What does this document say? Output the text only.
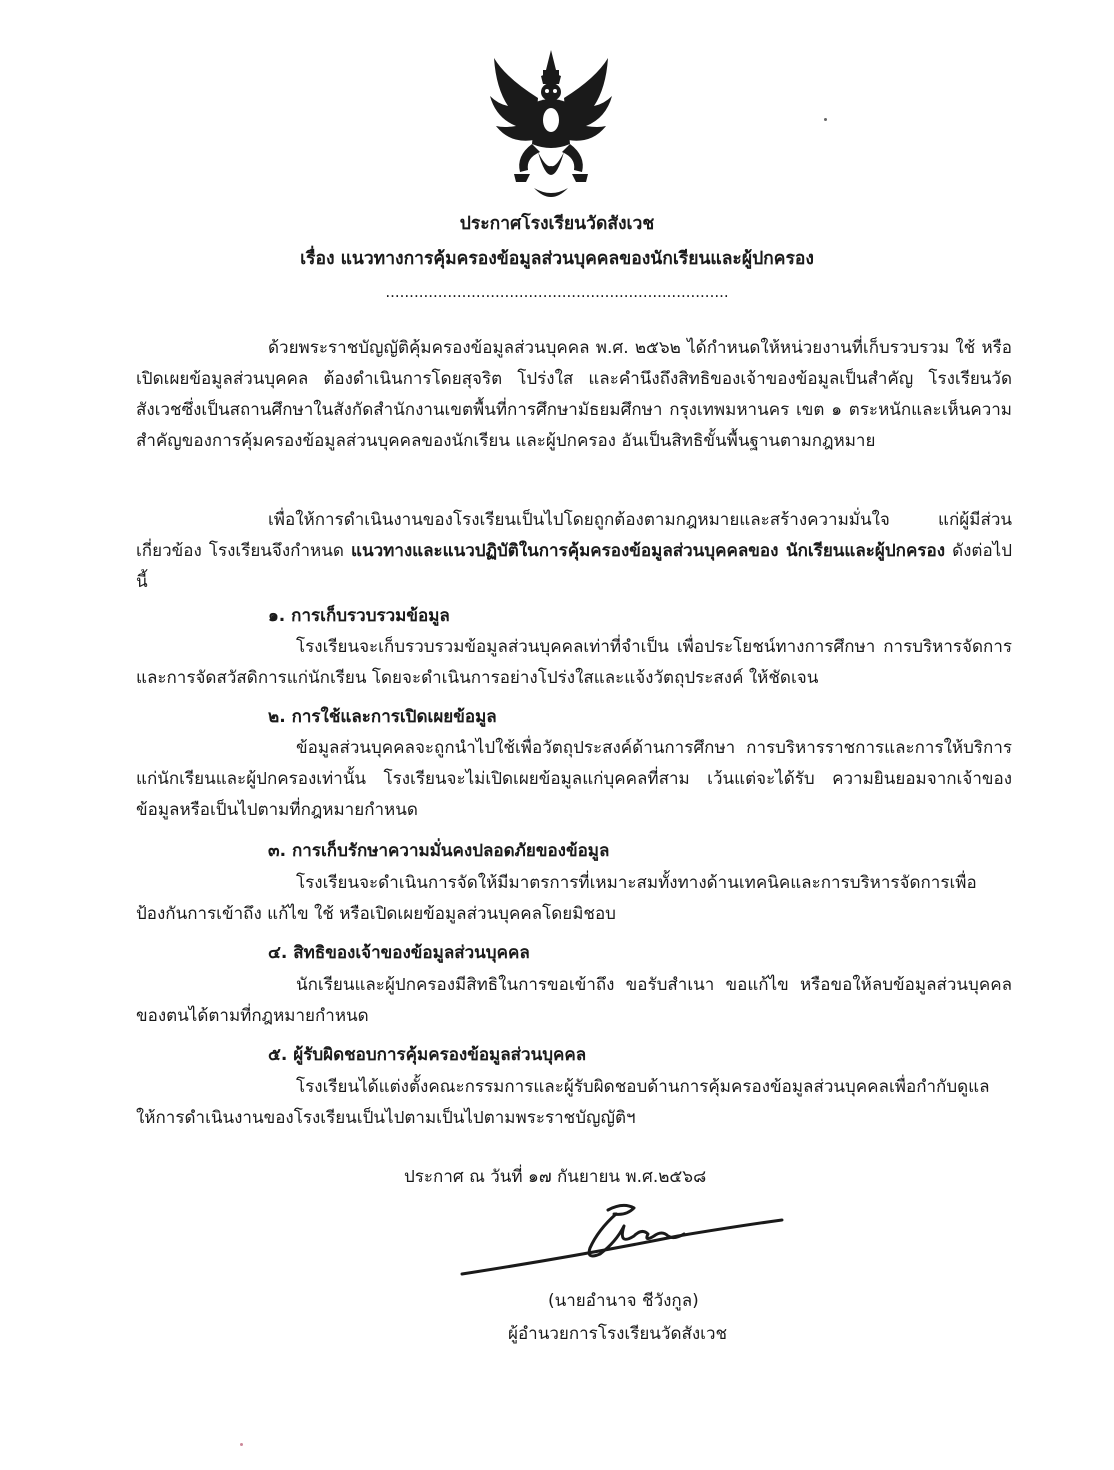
ประกาศโรงเรียนวัดสังเวช
เรื่อง แนวทางการคุ้มครองข้อมูลส่วนบุคคลของนักเรียนและผู้ปกครอง
........................................................................
ด้วยพระราชบัญญัติคุ้มครองข้อมูลส่วนบุคคล พ.ศ. ๒๕๖๒ ได้กำหนดให้หน่วยงานที่เก็บรวบรวม ใช้ หรือเปิดเผยข้อมูลส่วนบุคคล ต้องดำเนินการโดยสุจริต โปร่งใส และคำนึงถึงสิทธิของเจ้าของข้อมูลเป็นสำคัญ โรงเรียนวัดสังเวชซึ่งเป็นสถานศึกษาในสังกัดสำนักงานเขตพื้นที่การศึกษามัธยมศึกษา กรุงเทพมหานคร เขต ๑ ตระหนักและเห็นความสำคัญของการคุ้มครองข้อมูลส่วนบุคคลของนักเรียน และผู้ปกครอง อันเป็นสิทธิขั้นพื้นฐานตามกฎหมาย
เพื่อให้การดำเนินงานของโรงเรียนเป็นไปโดยถูกต้องตามกฎหมายและสร้างความมั่นใจ แก่ผู้มีส่วนเกี่ยวข้อง โรงเรียนจึงกำหนด แนวทางและแนวปฏิบัติในการคุ้มครองข้อมูลส่วนบุคคลของ นักเรียนและผู้ปกครอง ดังต่อไปนี้
๑. การเก็บรวบรวมข้อมูล
โรงเรียนจะเก็บรวบรวมข้อมูลส่วนบุคคลเท่าที่จำเป็น เพื่อประโยชน์ทางการศึกษา การบริหารจัดการ และการจัดสวัสดิการแก่นักเรียน โดยจะดำเนินการอย่างโปร่งใสและแจ้งวัตถุประสงค์ ให้ชัดเจน
๒. การใช้และการเปิดเผยข้อมูล
ข้อมูลส่วนบุคคลจะถูกนำไปใช้เพื่อวัตถุประสงค์ด้านการศึกษา การบริหารราชการและการให้บริการแก่นักเรียนและผู้ปกครองเท่านั้น โรงเรียนจะไม่เปิดเผยข้อมูลแก่บุคคลที่สาม เว้นแต่จะได้รับ ความยินยอมจากเจ้าของข้อมูลหรือเป็นไปตามที่กฎหมายกำหนด
๓. การเก็บรักษาความมั่นคงปลอดภัยของข้อมูล
โรงเรียนจะดำเนินการจัดให้มีมาตรการที่เหมาะสมทั้งทางด้านเทคนิคและการบริหารจัดการเพื่อป้องกันการเข้าถึง แก้ไข ใช้ หรือเปิดเผยข้อมูลส่วนบุคคลโดยมิชอบ
๔. สิทธิของเจ้าของข้อมูลส่วนบุคคล
นักเรียนและผู้ปกครองมีสิทธิในการขอเข้าถึง ขอรับสำเนา ขอแก้ไข หรือขอให้ลบข้อมูลส่วนบุคคลของตนได้ตามที่กฎหมายกำหนด
๕. ผู้รับผิดชอบการคุ้มครองข้อมูลส่วนบุคคล
โรงเรียนได้แต่งตั้งคณะกรรมการและผู้รับผิดชอบด้านการคุ้มครองข้อมูลส่วนบุคคลเพื่อกำกับดูแลให้การดำเนินงานของโรงเรียนเป็นไปตามเป็นไปตามพระราชบัญญัติฯ
ประกาศ ณ วันที่ ๑๗ กันยายน พ.ศ.๒๕๖๘
(นายอำนาจ ชีวังกูล)
ผู้อำนวยการโรงเรียนวัดสังเวช
